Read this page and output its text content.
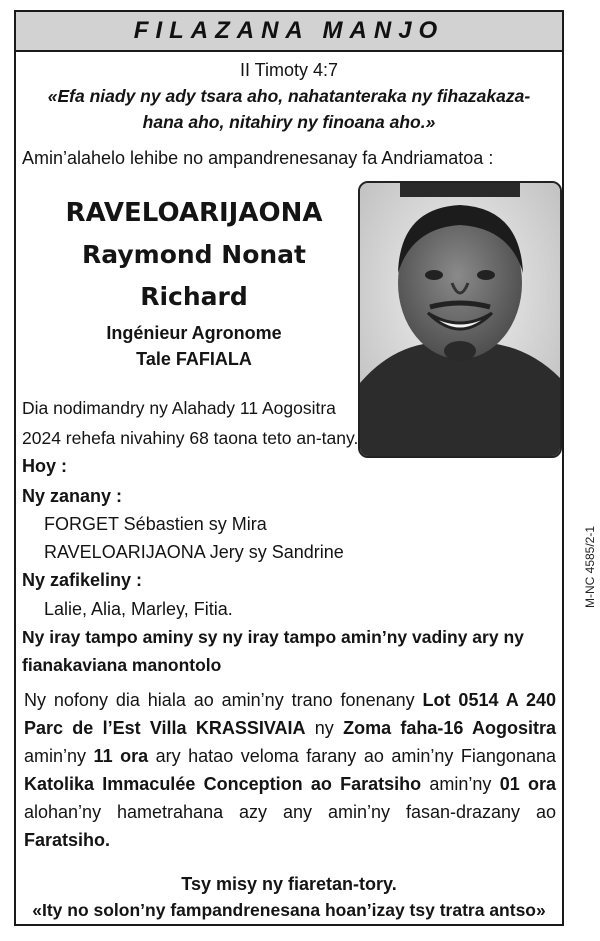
FILAZANA MANJO
II Timoty 4:7
«Efa niady ny ady tsara aho, nahatanteraka ny fihazakaza-
hana aho, nitahiry ny finoana aho.»
Amin’alahelo lehibe no ampandrenesanay fa Andriamatoa :
RAVELOARIJAONA
Raymond Nonat
Richard
Ingénieur Agronome
Tale FAFIALA
Dia nodimandry ny Alahady 11 Aogositra
2024 rehefa nivahiny 68 taona teto an-tany.
Hoy :
Ny zanany :
FORGET Sébastien sy Mira
RAVELOARIJAONA Jery sy Sandrine
Ny zafikeliny :
Lalie, Alia, Marley, Fitia.
Ny iray tampo aminy sy ny iray tampo amin’ny vadiny ary ny
fianakaviana manontolo
M-NC 4585/2-1
Ny nofony dia hiala ao amin’ny trano fonenany Lot 0514 A 240
Parc de l’Est Villa KRASSIVAIA ny Zoma faha-16 Aogositra
amin’ny 11 ora ary hatao veloma farany ao amin’ny Fiangonana
Katolika Immaculée Conception ao Faratsiho amin’ny 01 ora
alohan’ny hametrahana azy any amin’ny fasan-drazany ao
Faratsiho.
Tsy misy ny fiaretan-tory.
«Ity no solon’ny fampandrenesana hoan’izay tsy tratra antso»
